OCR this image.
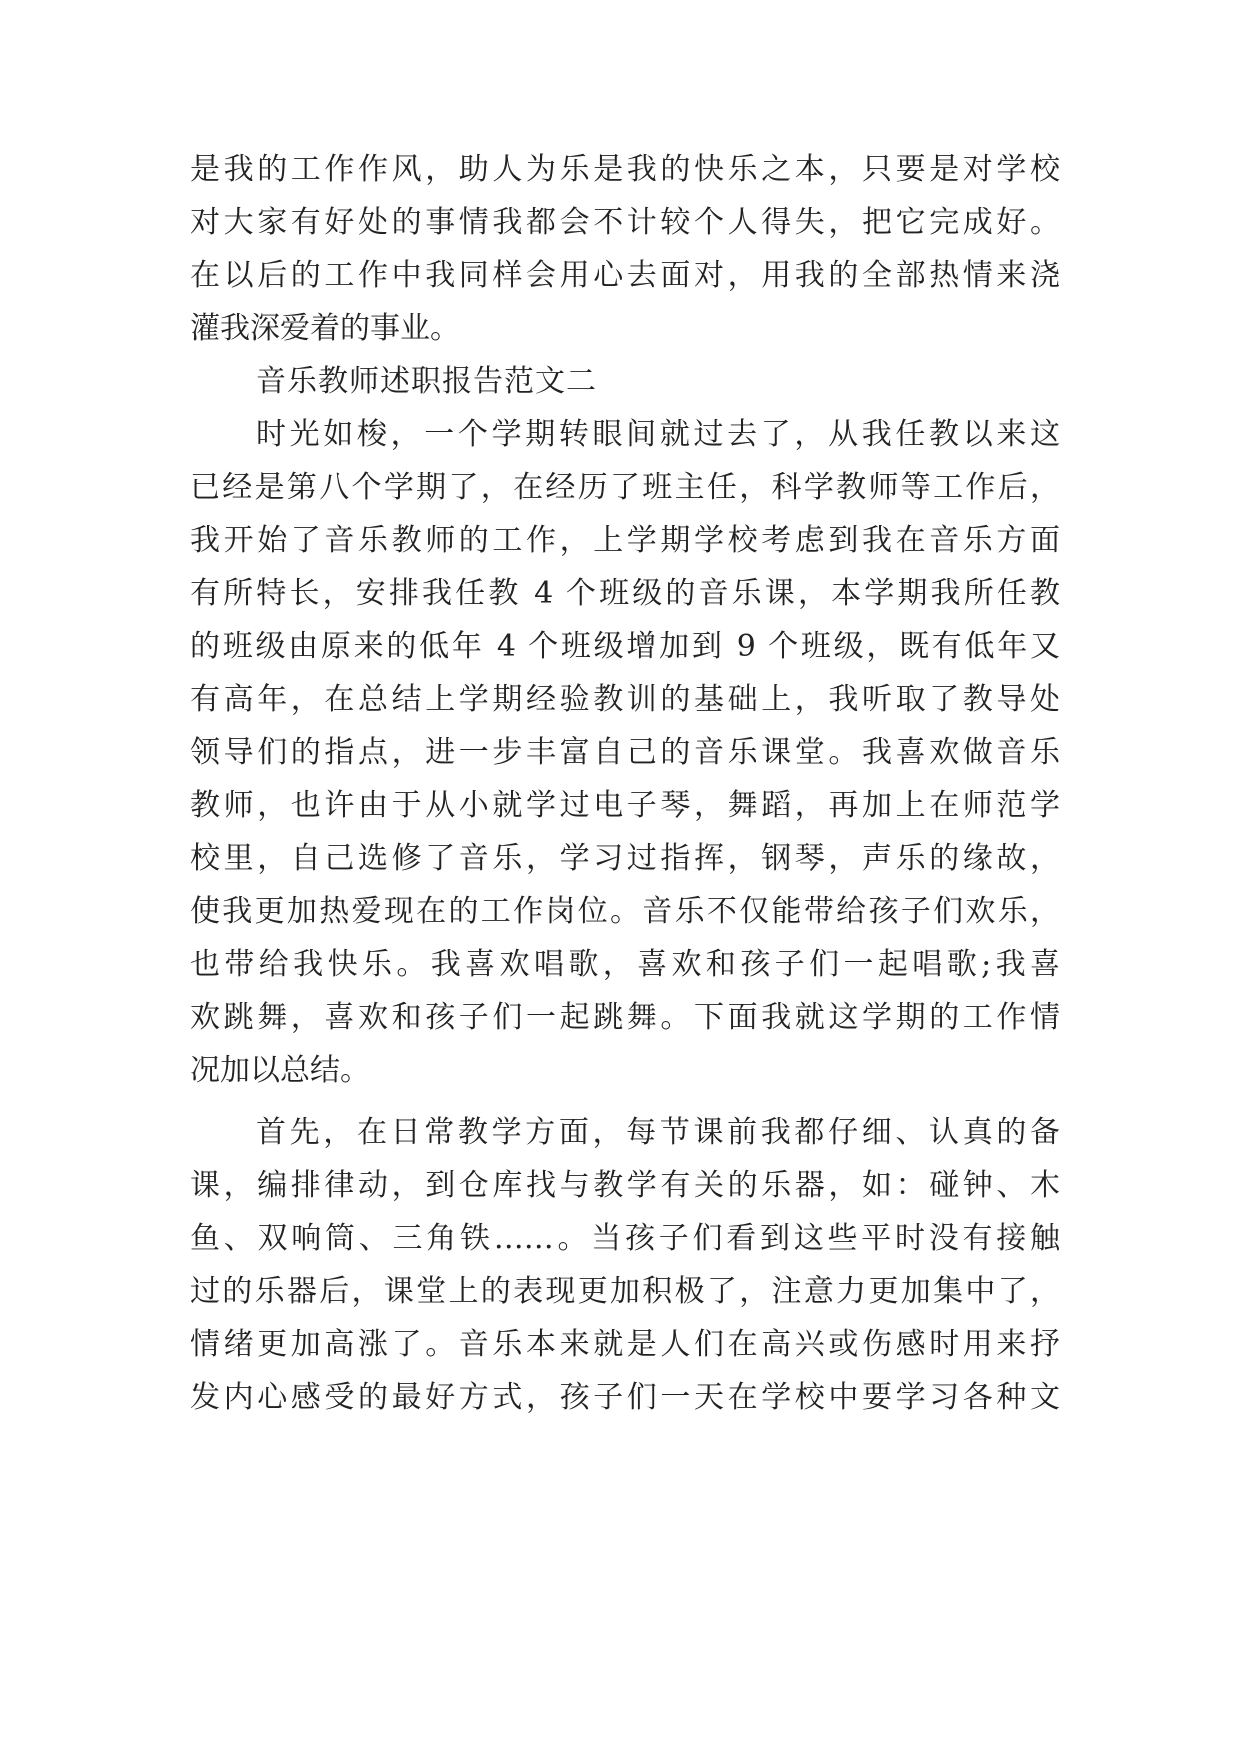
是我的工作作风，助人为乐是我的快乐之本，只要是对学校
对大家有好处的事情我都会不计较个人得失，把它完成好。
在以后的工作中我同样会用心去面对，用我的全部热情来浇
灌我深爱着的事业。
音乐教师述职报告范文二
时光如梭，一个学期转眼间就过去了，从我任教以来这
已经是第八个学期了，在经历了班主任，科学教师等工作后，
我开始了音乐教师的工作，上学期学校考虑到我在音乐方面
有所特长，安排我任教 4 个班级的音乐课，本学期我所任教
的班级由原来的低年 4 个班级增加到 9 个班级，既有低年又
有高年，在总结上学期经验教训的基础上，我听取了教导处
领导们的指点，进一步丰富自己的音乐课堂。我喜欢做音乐
教师，也许由于从小就学过电子琴，舞蹈，再加上在师范学
校里，自己选修了音乐，学习过指挥，钢琴，声乐的缘故，
使我更加热爱现在的工作岗位。音乐不仅能带给孩子们欢乐，
也带给我快乐。我喜欢唱歌，喜欢和孩子们一起唱歌;我喜
欢跳舞，喜欢和孩子们一起跳舞。下面我就这学期的工作情
况加以总结。
首先，在日常教学方面，每节课前我都仔细、认真的备
课，编排律动，到仓库找与教学有关的乐器，如：碰钟、木
鱼、双响筒、三角铁……。当孩子们看到这些平时没有接触
过的乐器后，课堂上的表现更加积极了，注意力更加集中了，
情绪更加高涨了。音乐本来就是人们在高兴或伤感时用来抒
发内心感受的最好方式，孩子们一天在学校中要学习各种文
